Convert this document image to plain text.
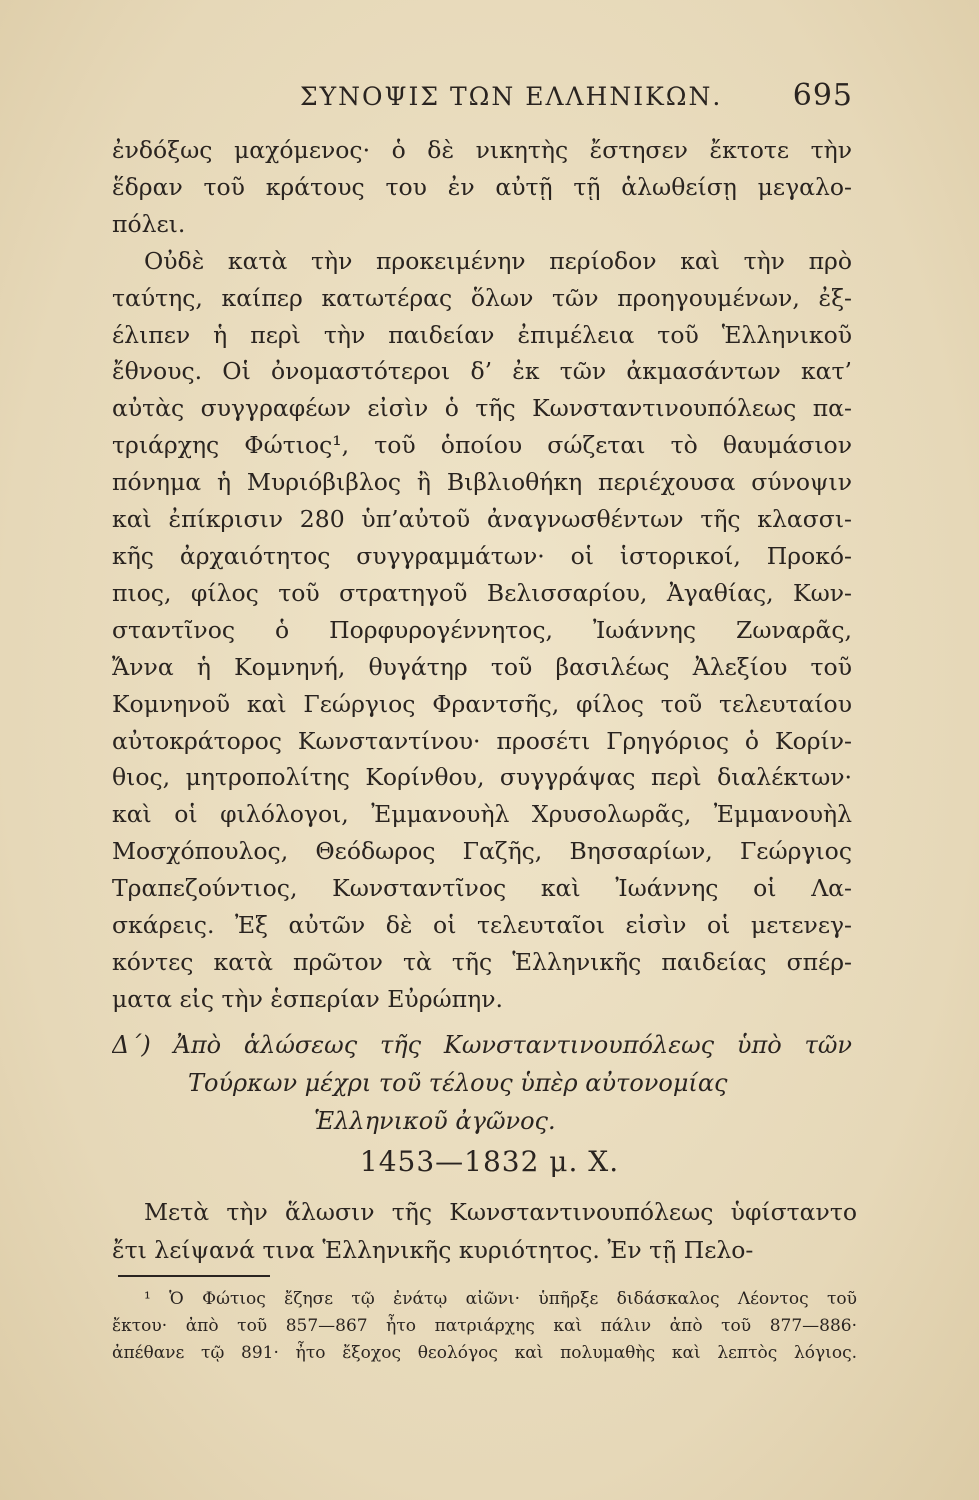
ΣΥΝΟΨΙΣ ΤΩΝ ΕΛΛΗΝΙΚΩΝ. 695
ἐνδόξως μαχόμενος· ὁ δὲ νικητὴς ἔστησεν ἔκτοτε τὴν
ἕδραν τοῦ κράτους του ἐν αὐτῇ τῇ ἁλωθείσῃ μεγαλο-
πόλει.
Οὐδὲ κατὰ τὴν προκειμένην περίοδον καὶ τὴν πρὸ
ταύτης, καίπερ κατωτέρας ὅλων τῶν προηγουμένων, ἐξ-
έλιπεν ἡ περὶ τὴν παιδείαν ἐπιμέλεια τοῦ Ἑλληνικοῦ
ἔθνους. Οἱ ὀνομαστότεροι δ’ ἐκ τῶν ἀκμασάντων κατ’
αὐτὰς συγγραφέων εἰσὶν ὁ τῆς Κωνσταντινουπόλεως πα-
τριάρχης Φώτιος¹, τοῦ ὁποίου σώζεται τὸ θαυμάσιον
πόνημα ἡ Μυριόβιβλος ἢ Βιβλιοθήκη περιέχουσα σύνοψιν
καὶ ἐπίκρισιν 280 ὑπ’αὐτοῦ ἀναγνωσθέντων τῆς κλασσι-
κῆς ἀρχαιότητος συγγραμμάτων· οἱ ἱστορικοί, Προκό-
πιος, φίλος τοῦ στρατηγοῦ Βελισσαρίου, Ἀγαθίας, Κων-
σταντῖνος ὁ Πορφυρογέννητος, Ἰωάννης Ζωναρᾶς,
Ἄννα ἡ Κομνηνή, θυγάτηρ τοῦ βασιλέως Ἀλεξίου τοῦ
Κομνηνοῦ καὶ Γεώργιος Φραντσῆς, φίλος τοῦ τελευταίου
αὐτοκράτορος Κωνσταντίνου· προσέτι Γρηγόριος ὁ Κορίν-
θιος, μητροπολίτης Κορίνθου, συγγράψας περὶ διαλέκτων·
καὶ οἱ φιλόλογοι, Ἐμμανουὴλ Χρυσολωρᾶς, Ἐμμανουὴλ
Μοσχόπουλος, Θεόδωρος Γαζῆς, Βησσαρίων, Γεώργιος
Τραπεζούντιος, Κωνσταντῖνος καὶ Ἰωάννης οἱ Λα-
σκάρεις. Ἐξ αὐτῶν δὲ οἱ τελευταῖοι εἰσὶν οἱ μετενεγ-
κόντες κατὰ πρῶτον τὰ τῆς Ἑλληνικῆς παιδείας σπέρ-
ματα εἰς τὴν ἑσπερίαν Εὐρώπην.
Δ΄) Ἀπὸ ἁλώσεως τῆς Κωνσταντινουπόλεως ὑπὸ τῶν
Τούρκων μέχρι τοῦ τέλους ὑπὲρ αὐτονομίας
Ἑλληνικοῦ ἀγῶνος.
1453—1832 μ. Χ.
Μετὰ τὴν ἅλωσιν τῆς Κωνσταντινουπόλεως ὑφίσταντο
ἔτι λείψανά τινα Ἑλληνικῆς κυριότητος. Ἐν τῇ Πελο-
¹ Ὁ Φώτιος ἔζησε τῷ ἐνάτῳ αἰῶνι· ὑπῆρξε διδάσκαλος Λέοντος τοῦ
ἔκτου· ἀπὸ τοῦ 857—867 ἦτο πατριάρχης καὶ πάλιν ἀπὸ τοῦ 877—886·
ἀπέθανε τῷ 891· ἦτο ἔξοχος θεολόγος καὶ πολυμαθὴς καὶ λεπτὸς λόγιος.
